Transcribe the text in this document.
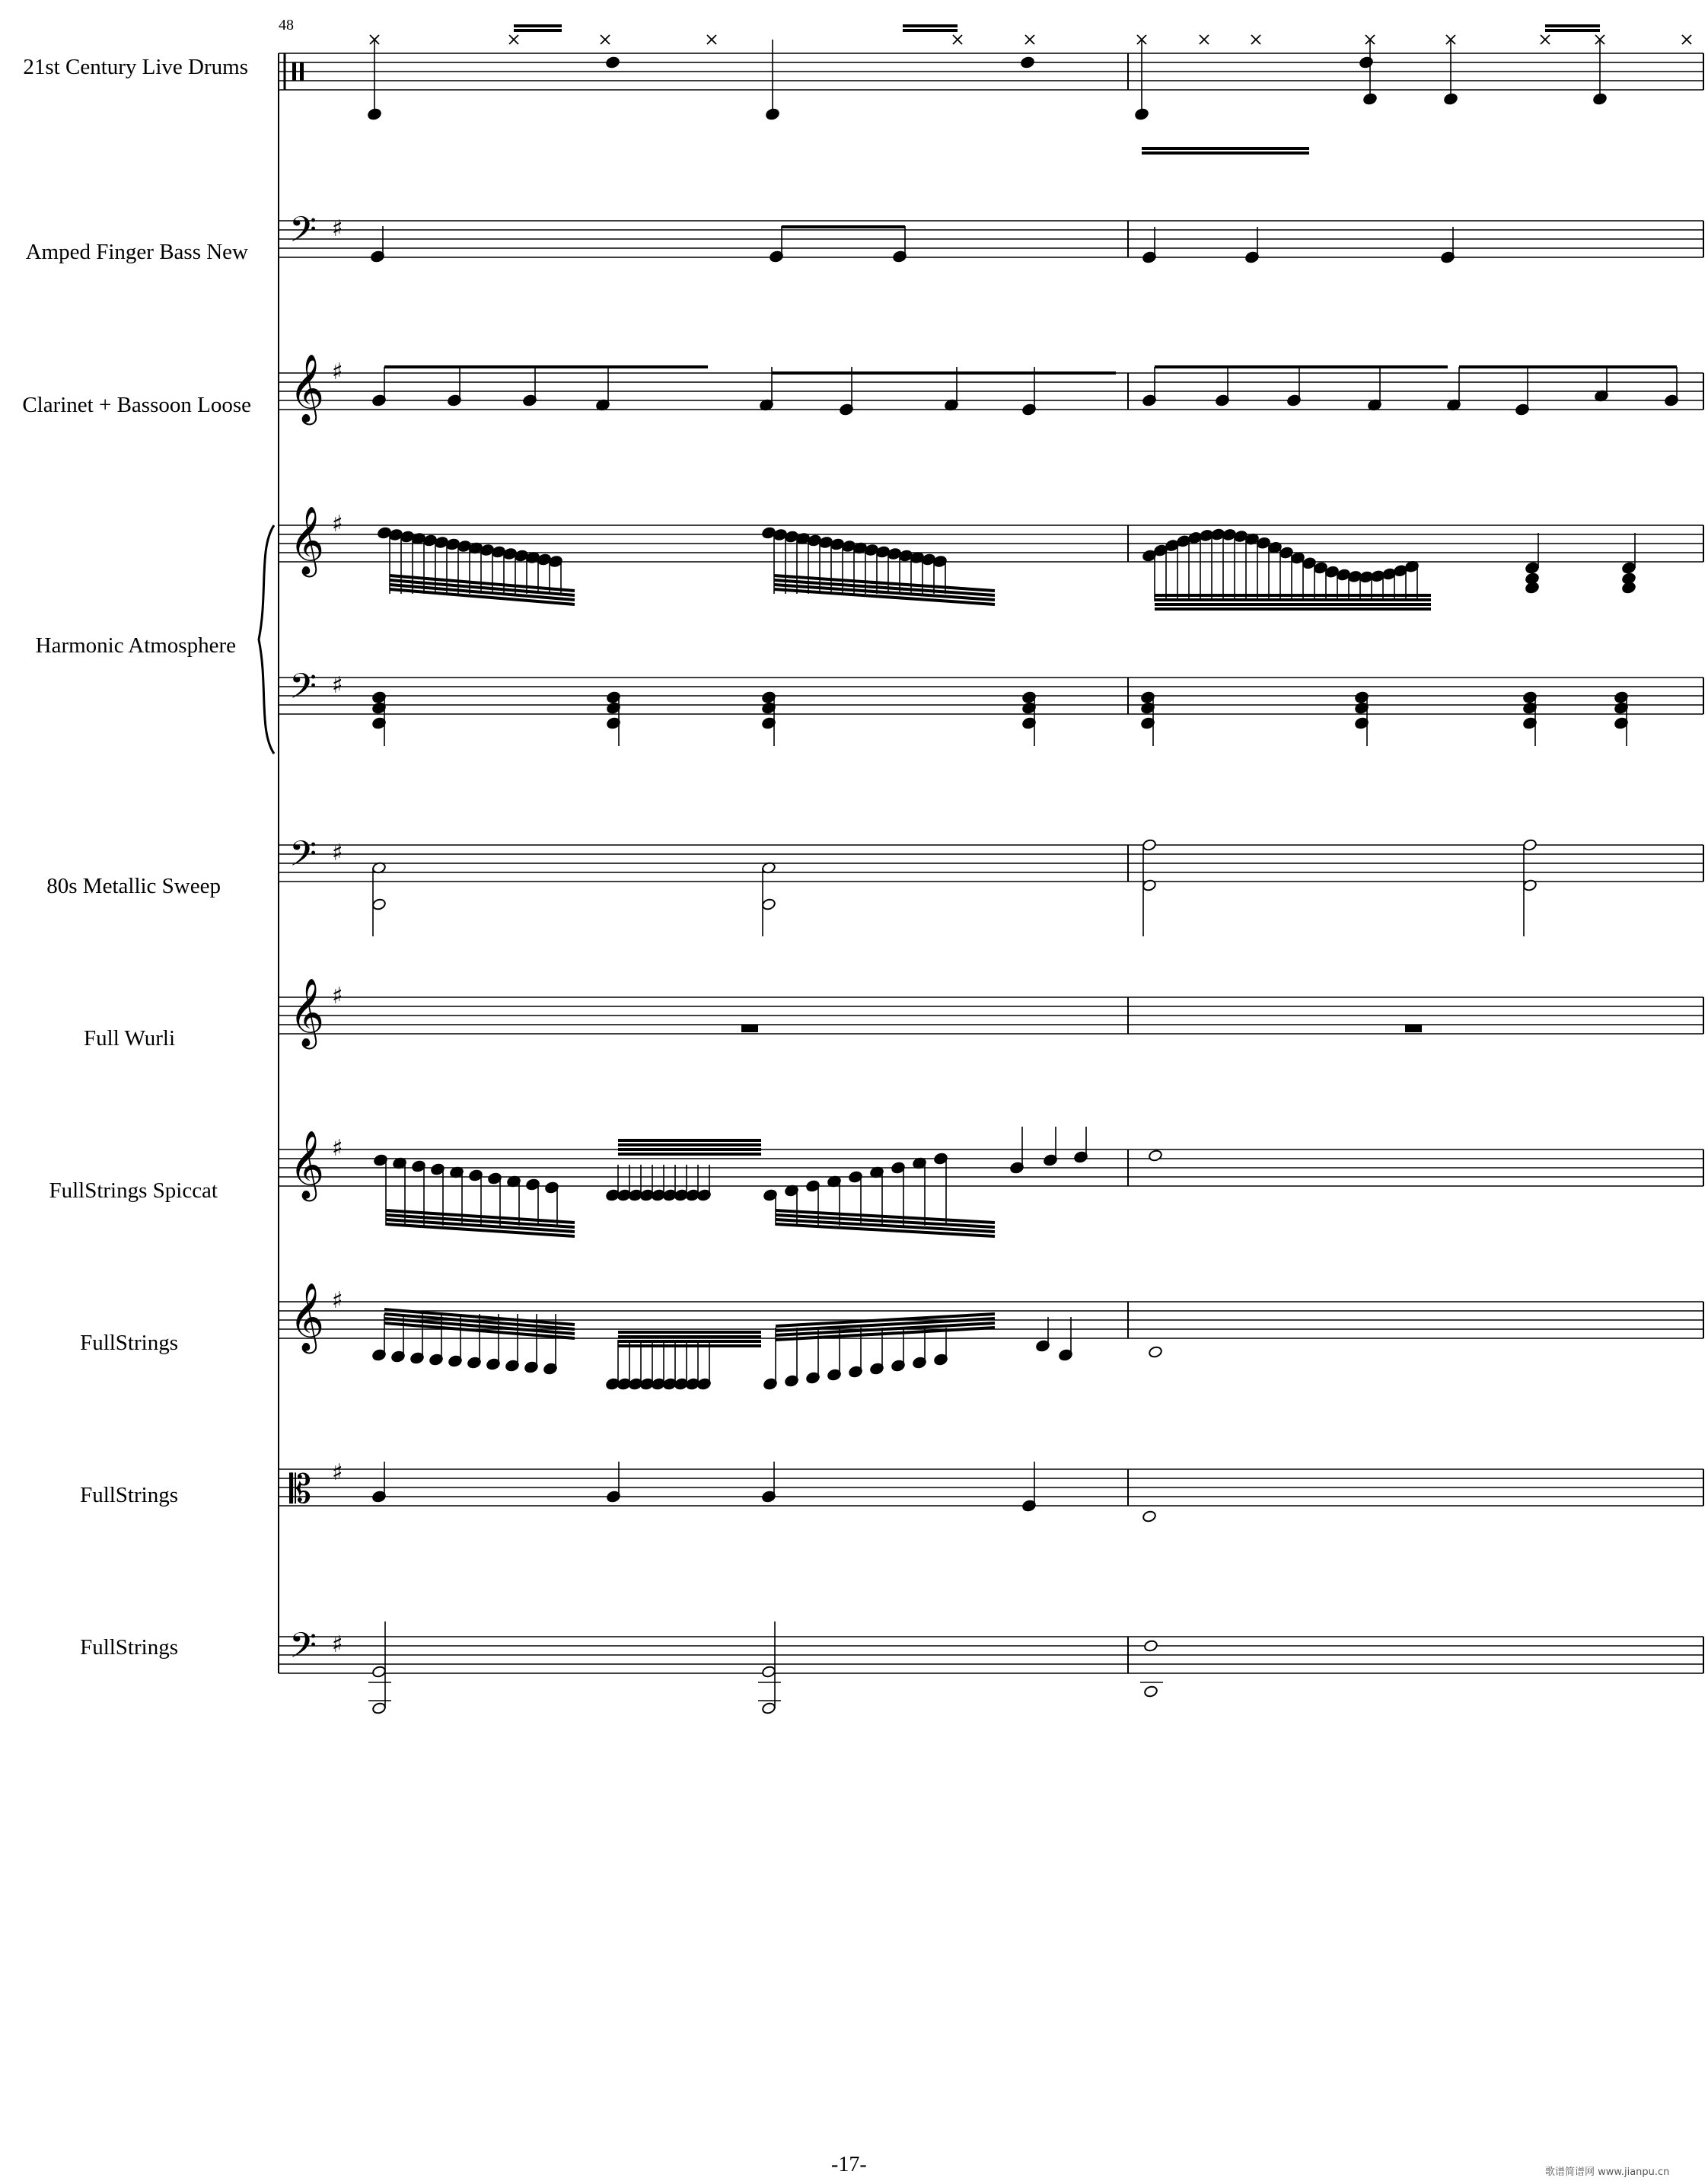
21st Century Live Drums
Amped Finger Bass New
Clarinet + Bassoon Loose
Harmonic Atmosphere
80s Metallic Sweep
Full Wurli
FullStrings Spiccat
FullStrings
FullStrings
FullStrings
48
-17-	歌谱简谱网 www.jianpu.cn
𝄢 ♯
𝄞 ♯
𝄞 ♯
𝄢 ♯
𝄢 ♯
𝄞 ♯
𝄞 ♯
𝄞 ♯
𝄡 ♯
𝄢 ♯
